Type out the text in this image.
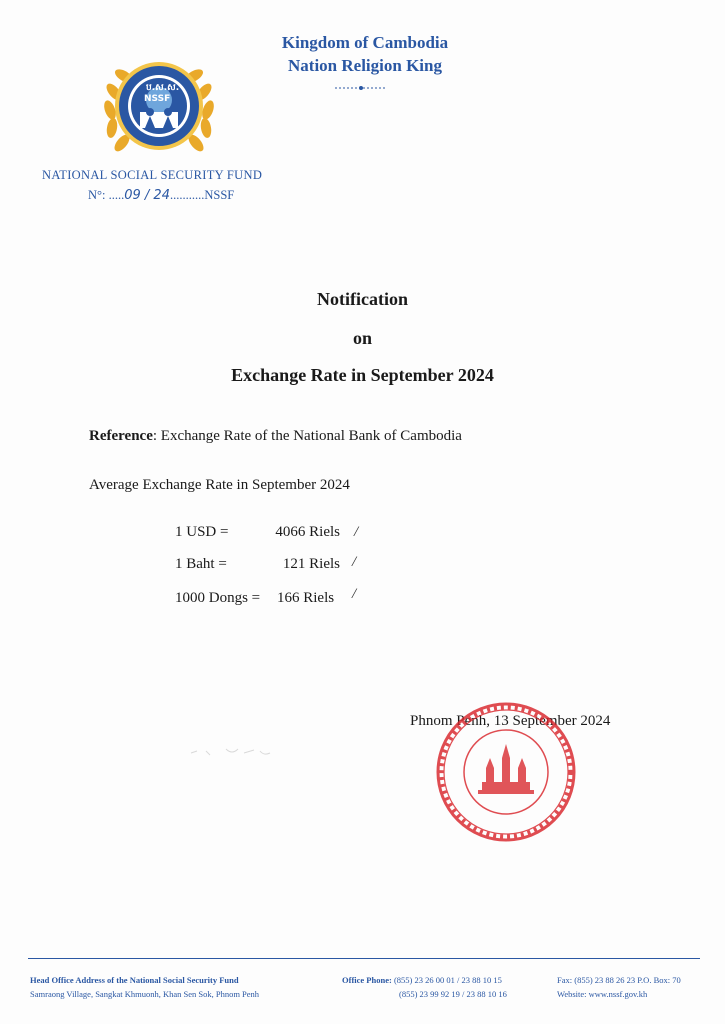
ប.ស.ស.
NSSF
Kingdom of Cambodia
Nation Religion King
NATIONAL SOCIAL SECURITY FUND
N°: .....09 / 24...........NSSF
Notification
on
Exchange Rate in September 2024
Reference: Exchange Rate of the National Bank of Cambodia
Average Exchange Rate in September 2024
1 USD =	4066 Riels /
1 Baht =	121 Riels /
1000 Dongs = 166 Riels /
Phnom Penh, 13 September 2024
Head Office Address of the National Social Security Fund
Samraong Village, Sangkat Khmuonh, Khan Sen Sok, Phnom Penh
Office Phone: (855) 23 26 00 01 / 23 88 10 15
(855) 23 99 92 19 / 23 88 10 16
Fax: (855) 23 88 26 23 P.O. Box: 70
Website: www.nssf.gov.kh
